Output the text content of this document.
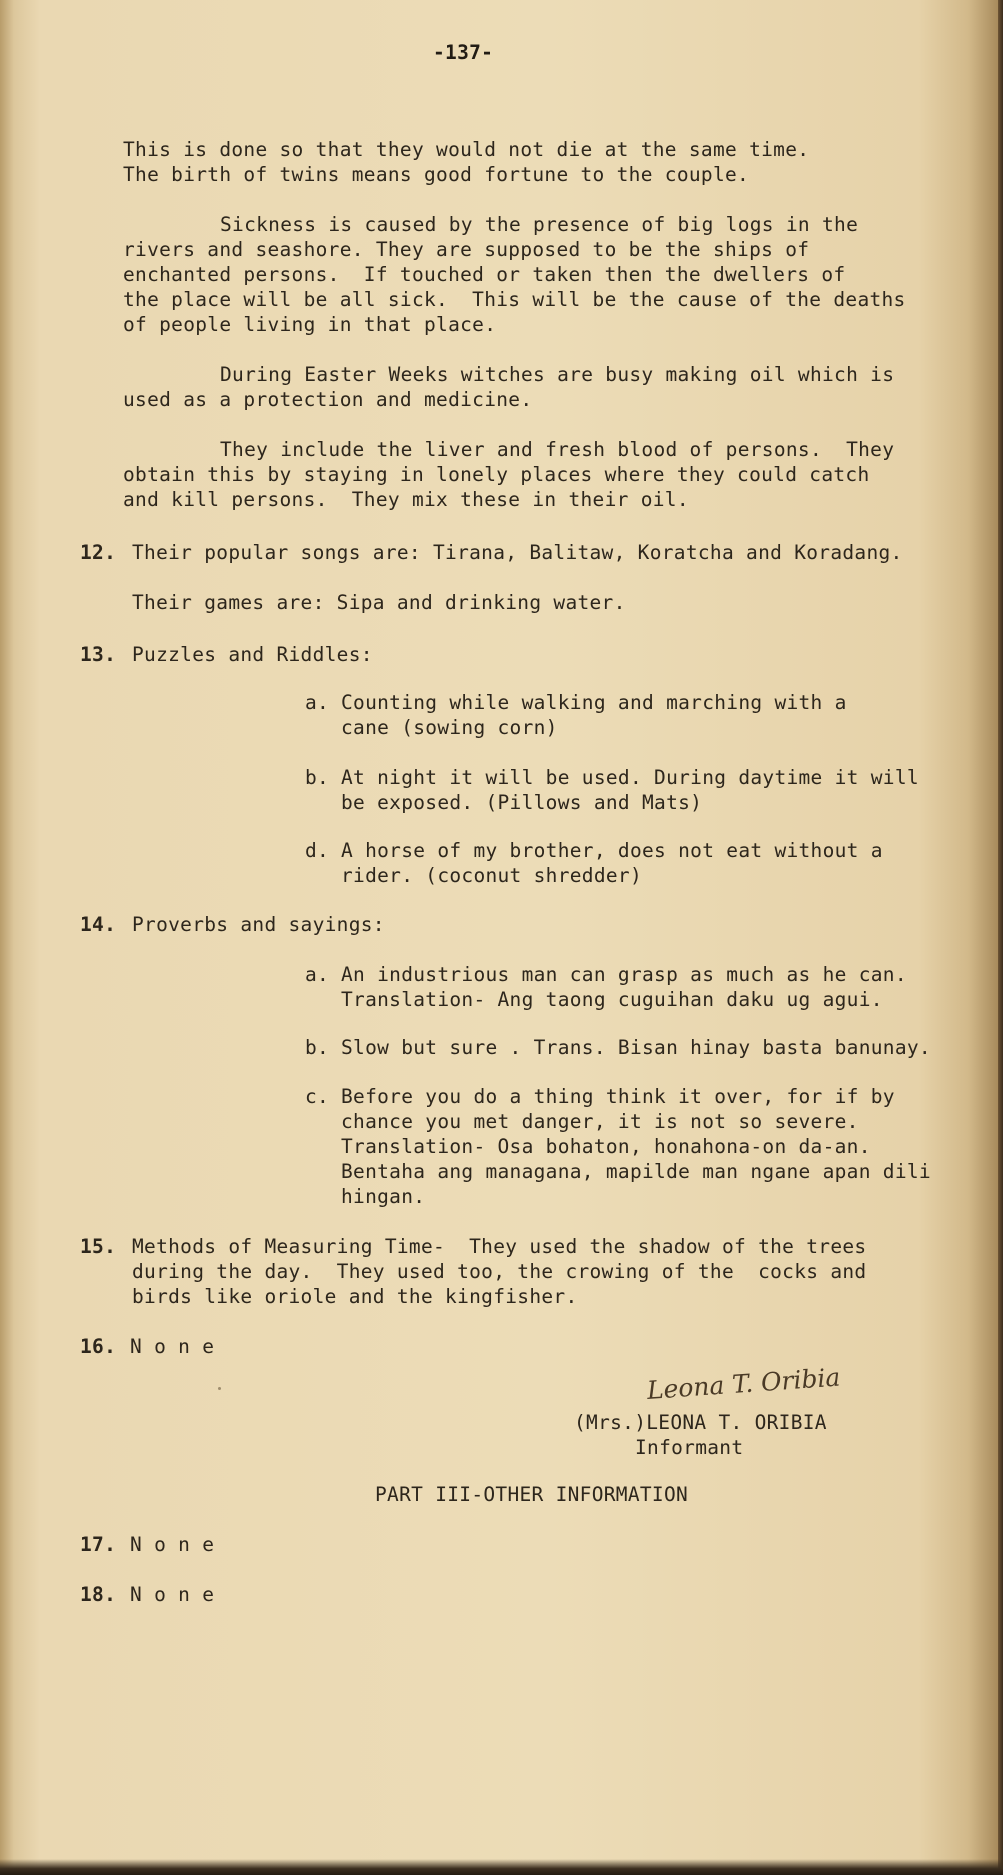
-137-

This is done so that they would not die at the same time.

The birth of twins means good fortune to the couple.

Sickness is caused by the presence of big logs in the

rivers and seashore. They are supposed to be the ships of

enchanted persons.  If touched or taken then the dwellers of

the place will be all sick.  This will be the cause of the deaths

of people living in that place.

During Easter Weeks witches are busy making oil which is

used as a protection and medicine.

They include the liver and fresh blood of persons.  They

obtain this by staying in lonely places where they could catch

and kill persons.  They mix these in their oil.

12. Their popular songs are: Tirana, Balitaw, Koratcha and Koradang.

Their games are: Sipa and drinking water.

13. Puzzles and Riddles:

a. Counting while walking and marching with a

cane (sowing corn)

b. At night it will be used. During daytime it will

be exposed. (Pillows and Mats)

d. A horse of my brother, does not eat without a

rider. (coconut shredder)

14. Proverbs and sayings:

a. An industrious man can grasp as much as he can.

Translation- Ang taong cuguihan daku ug agui.

b. Slow but sure . Trans. Bisan hinay basta banunay.

c. Before you do a thing think it over, for if by

chance you met danger, it is not so severe.

Translation- Osa bohaton, honahona-on da-an.

Bentaha ang managana, mapilde man ngane apan dili

hingan.

15. Methods of Measuring Time-  They used the shadow of the trees

during the day.  They used too, the crowing of the  cocks and

birds like oriole and the kingfisher.

16. N o n e

Leona T. Oribia

(Mrs.)LEONA T. ORIBIA

Informant

PART III-OTHER INFORMATION

17. N o n e

18. N o n e
